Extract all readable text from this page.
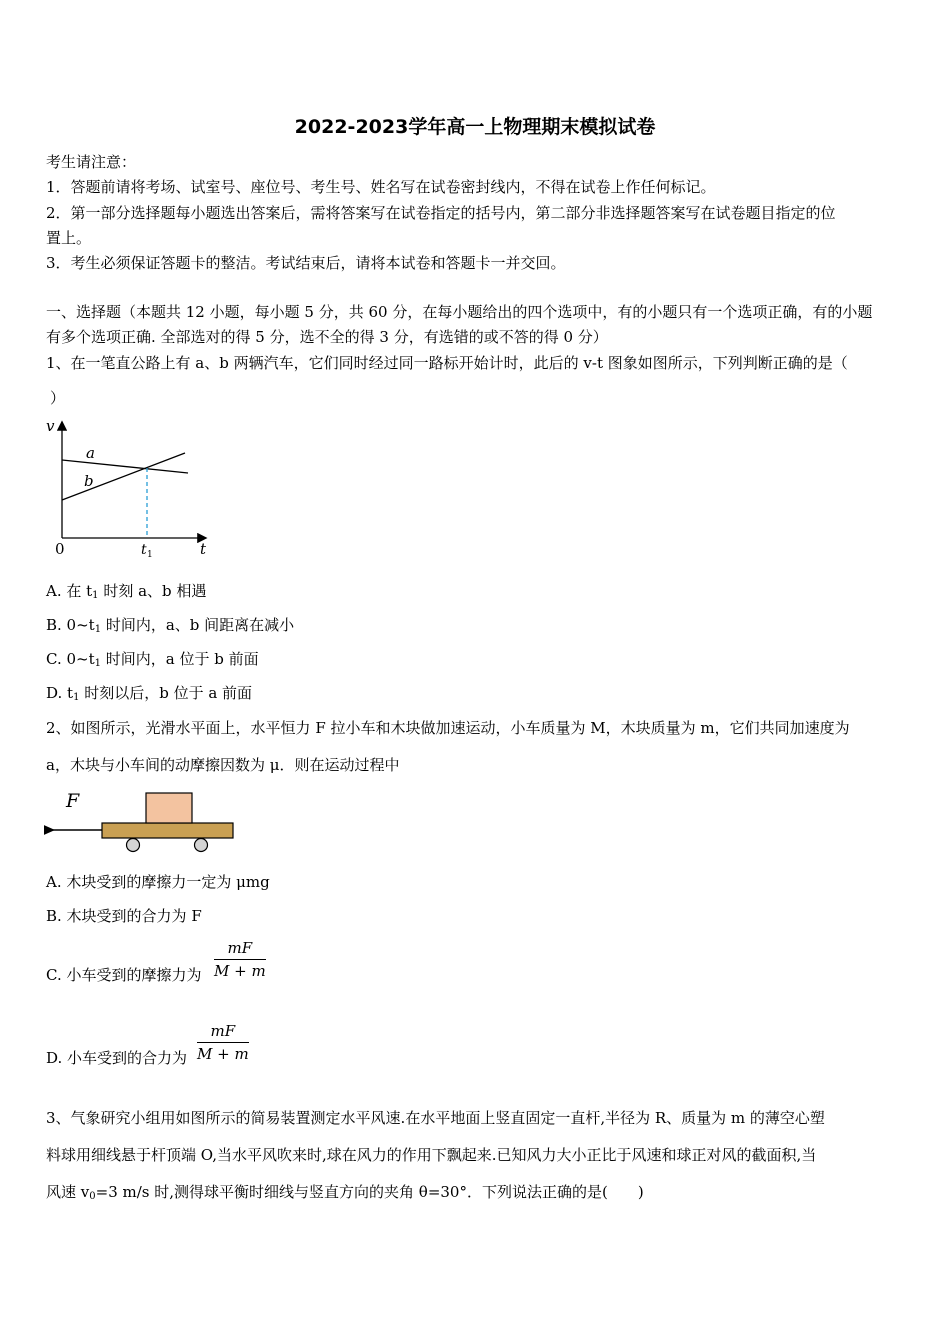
2022-2023学年高一上物理期末模拟试卷
考生请注意：
1．答题前请将考场、试室号、座位号、考生号、姓名写在试卷密封线内，不得在试卷上作任何标记。
2．第一部分选择题每小题选出答案后，需将答案写在试卷指定的括号内，第二部分非选择题答案写在试卷题目指定的位
置上。
3．考生必须保证答题卡的整洁。考试结束后，请将本试卷和答题卡一并交回。
一、选择题（本题共 12 小题，每小题 5 分，共 60 分，在每小题给出的四个选项中，有的小题只有一个选项正确，有的小题
有多个选项正确. 全部选对的得 5 分，选不全的得 3 分，有选错的或不答的得 0 分）
1、在一笔直公路上有 a、b 两辆汽车，它们同时经过同一路标开始计时，此后的 v-t 图象如图所示，下列判断正确的是（
）
v
t
0
a
b
t 1
A. 在 $t_1$ 时刻 a、b 相遇
B. $0\sim t_1$ 时间内，a、b 间距离在减小
C. $0\sim t_1$ 时间内，a 位于 b 前面
D. $t_1$ 时刻以后，b 位于 a 前面
2、如图所示，光滑水平面上，水平恒力 F 拉小车和木块做加速运动，小车质量为 M，木块质量为 m，它们共同加速度为
a，木块与小车间的动摩擦因数为 μ．则在运动过程中
F
A. 木块受到的摩擦力一定为 μmg
B. 木块受到的合力为 F
C. 小车受到的摩擦力为 $\frac{mF}{M + m}$
D. 小车受到的合力为 $\frac{mF}{M + m}$
3、气象研究小组用如图所示的简易装置测定水平风速.在水平地面上竖直固定一直杆,半径为 R、质量为 m 的薄空心塑
料球用细线悬于杆顶端 O,当水平风吹来时,球在风力的作用下飘起来.已知风力大小正比于风速和球正对风的截面积,当
风速 $v_0=3$ m/s 时,测得球平衡时细线与竖直方向的夹角 θ=30°．下列说法正确的是(　　)
